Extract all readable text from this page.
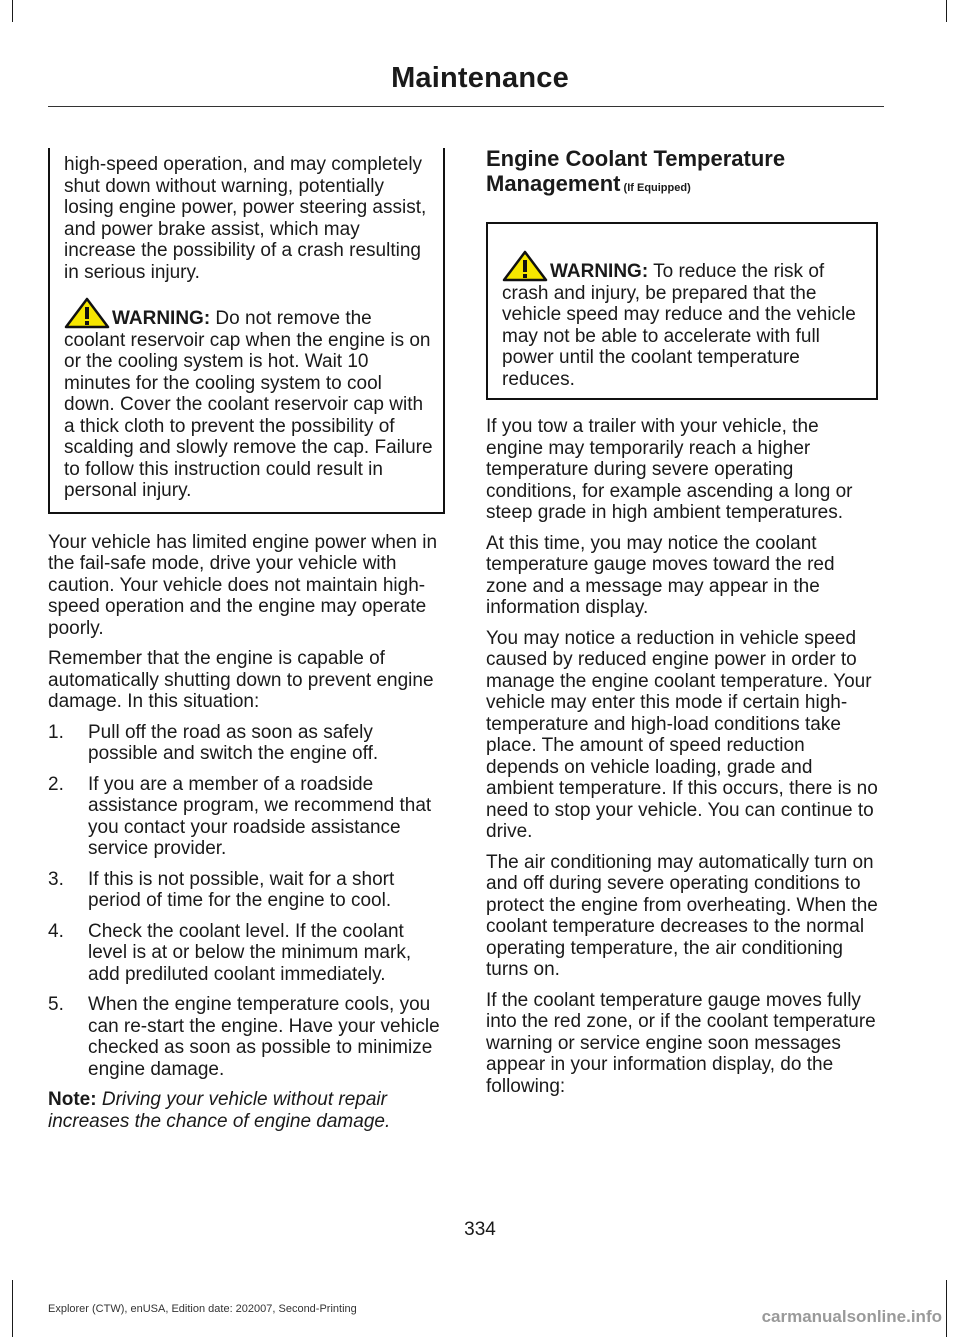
Maintenance

high-speed operation, and may completely shut down without warning, potentially losing engine power, power steering assist, and power brake assist, which may increase the possibility of a crash resulting in serious injury.

WARNING: Do not remove the coolant reservoir cap when the engine is on or the cooling system is hot. Wait 10 minutes for the cooling system to cool down. Cover the coolant reservoir cap with a thick cloth to prevent the possibility of scalding and slowly remove the cap. Failure to follow this instruction could result in personal injury.

Your vehicle has limited engine power when in the fail-safe mode, drive your vehicle with caution. Your vehicle does not maintain high-speed operation and the engine may operate poorly.

Remember that the engine is capable of automatically shutting down to prevent engine damage. In this situation:

1. Pull off the road as soon as safely possible and switch the engine off.
2. If you are a member of a roadside assistance program, we recommend that you contact your roadside assistance service provider.
3. If this is not possible, wait for a short period of time for the engine to cool.
4. Check the coolant level. If the coolant level is at or below the minimum mark, add prediluted coolant immediately.
5. When the engine temperature cools, you can re-start the engine. Have your vehicle checked as soon as possible to minimize engine damage.

Note: Driving your vehicle without repair increases the chance of engine damage.

Engine Coolant Temperature
Management (If Equipped)

WARNING: To reduce the risk of crash and injury, be prepared that the vehicle speed may reduce and the vehicle may not be able to accelerate with full power until the coolant temperature reduces.

If you tow a trailer with your vehicle, the engine may temporarily reach a higher temperature during severe operating conditions, for example ascending a long or steep grade in high ambient temperatures.

At this time, you may notice the coolant temperature gauge moves toward the red zone and a message may appear in the information display.

You may notice a reduction in vehicle speed caused by reduced engine power in order to manage the engine coolant temperature. Your vehicle may enter this mode if certain high-temperature and high-load conditions take place. The amount of speed reduction depends on vehicle loading, grade and ambient temperature. If this occurs, there is no need to stop your vehicle. You can continue to drive.

The air conditioning may automatically turn on and off during severe operating conditions to protect the engine from overheating. When the coolant temperature decreases to the normal operating temperature, the air conditioning turns on.

If the coolant temperature gauge moves fully into the red zone, or if the coolant temperature warning or service engine soon messages appear in your information display, do the following:

334
Explorer (CTW), enUSA, Edition date: 202007, Second-Printing	carmanualsonline.info
